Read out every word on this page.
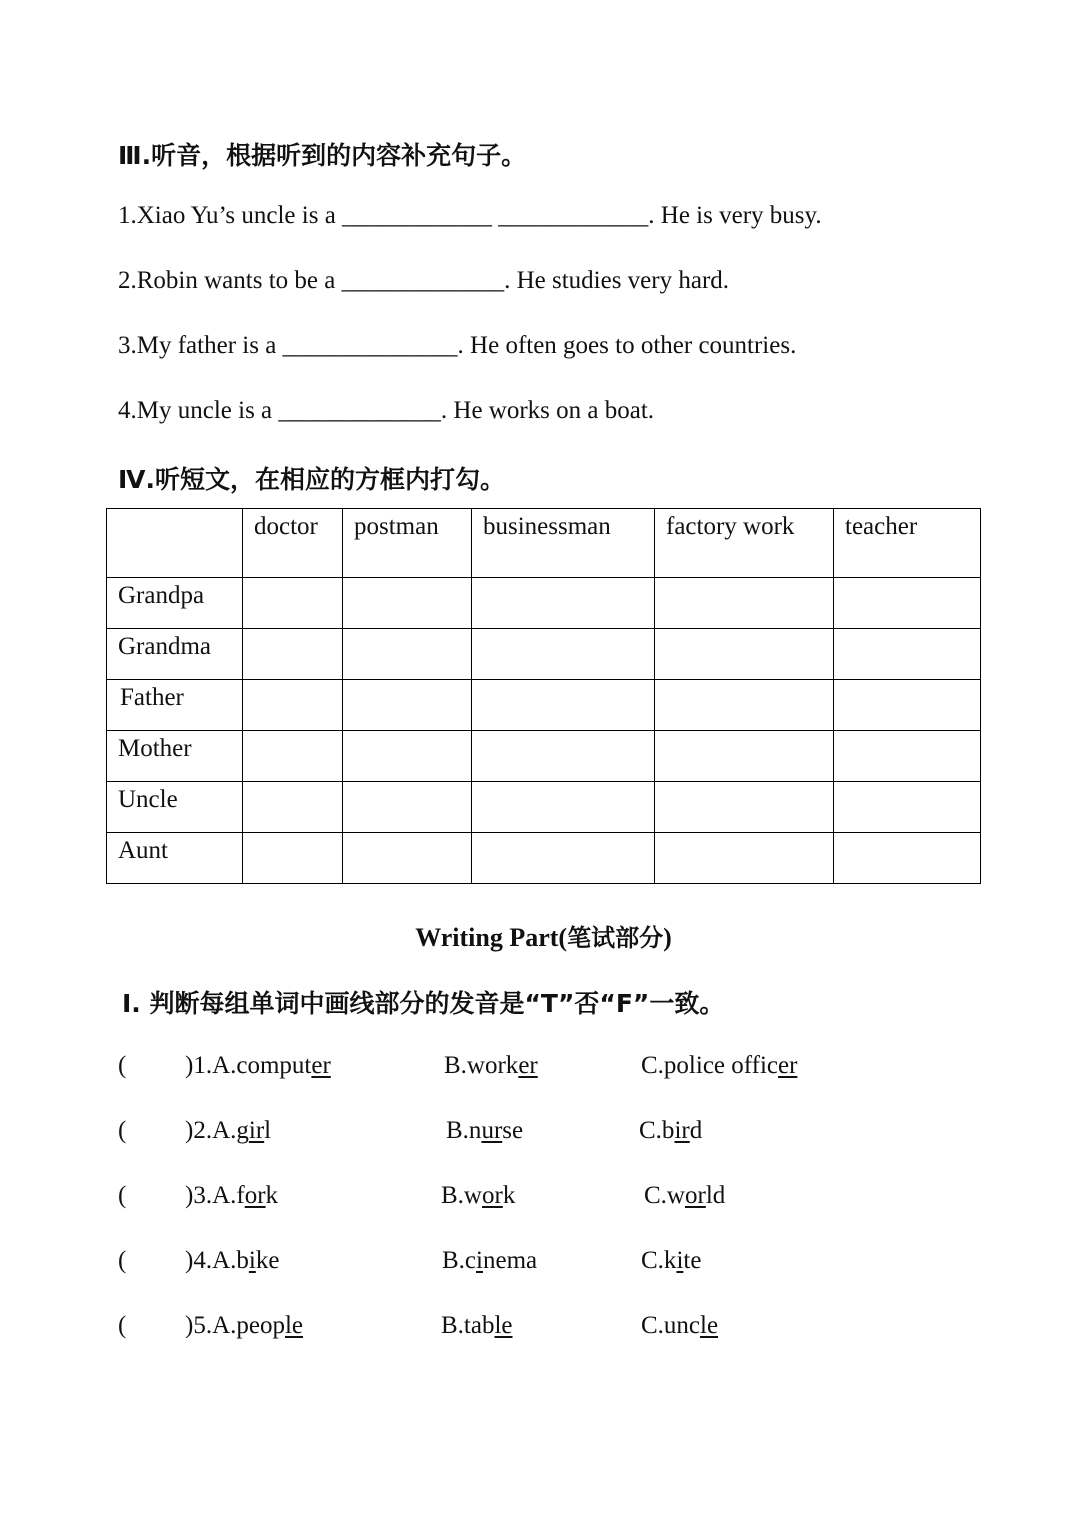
Ⅲ.听音，根据听到的内容补充句子。
1.Xiao Yu’s uncle is a ____________ ____________. He is very busy.
2.Robin wants to be a _____________. He studies very hard.
3.My father is a ______________. He often goes to other countries.
4.My uncle is a _____________. He works on a boat.
Ⅳ.听短文，在相应的方框内打勾。
	doctor	postman	businessman	factory work	teacher
Grandpa					
Grandma					
Father					
Mother					
Uncle					
Aunt					
Writing Part(笔试部分)
Ⅰ. 判断每组单词中画线部分的发音是“T”否“F”一致。
( )1.A.computer	B.worker	C.police officer
( )2.A.girl	B.nurse	C.bird
( )3.A.fork	B.work	C.world
( )4.A.bike	B.cinema	C.kite
( )5.A.people	B.table	C.uncle
